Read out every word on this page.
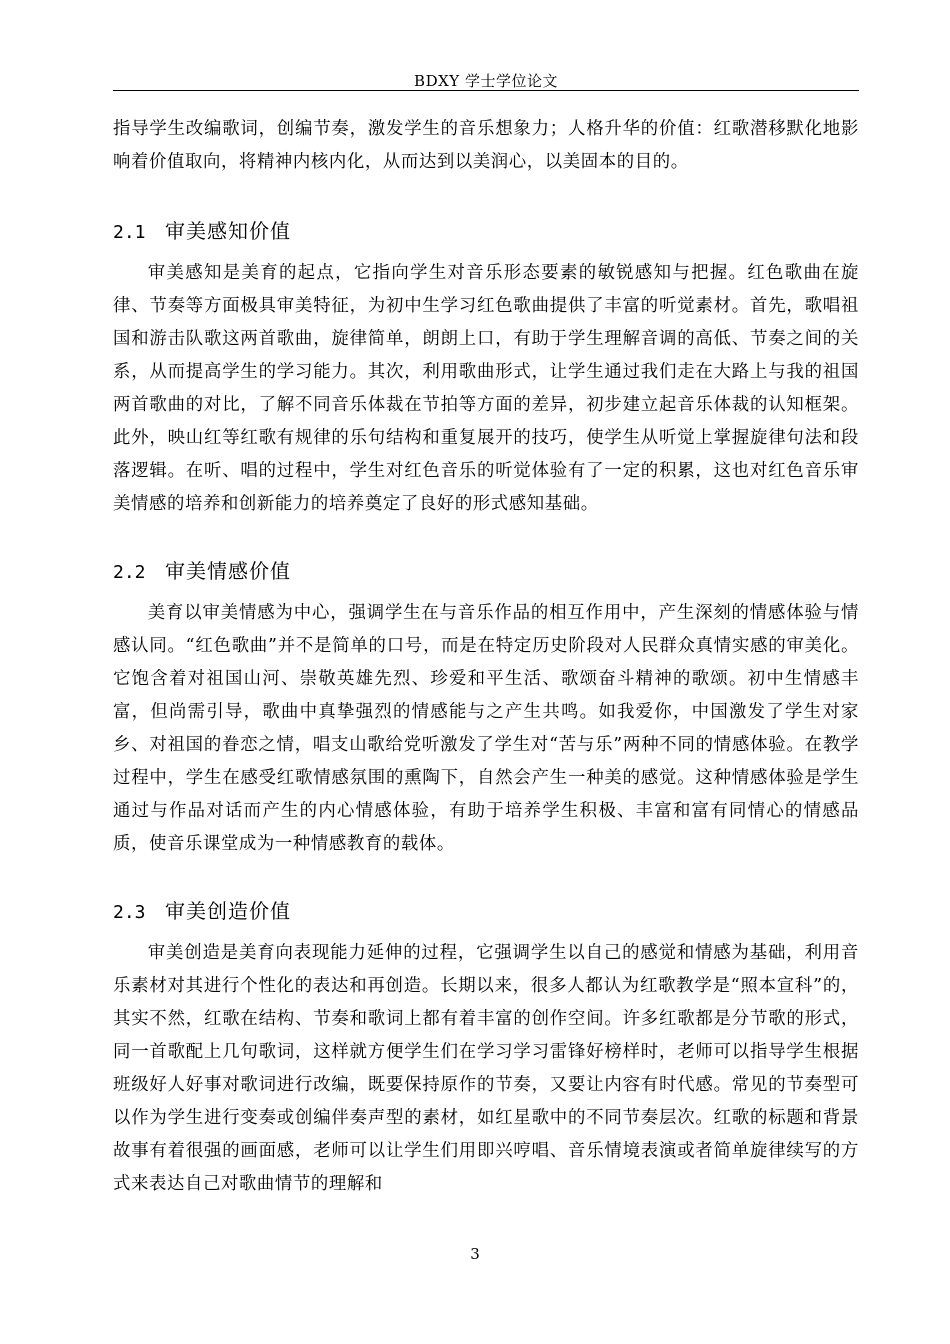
BDXY 学士学位论文

指导学生改编歌词，创编节奏，激发学生的音乐想象力；人格升华的价值：红歌潜移默化地影响着价值取向，将精神内核内化，从而达到以美润心，以美固本的目的。

2.1 审美感知价值

审美感知是美育的起点，它指向学生对音乐形态要素的敏锐感知与把握。红色歌曲在旋律、节奏等方面极具审美特征，为初中生学习红色歌曲提供了丰富的听觉素材。首先，歌唱祖国和游击队歌这两首歌曲，旋律简单，朗朗上口，有助于学生理解音调的高低、节奏之间的关系，从而提高学生的学习能力。其次，利用歌曲形式，让学生通过我们走在大路上与我的祖国两首歌曲的对比，了解不同音乐体裁在节拍等方面的差异，初步建立起音乐体裁的认知框架。此外，映山红等红歌有规律的乐句结构和重复展开的技巧，使学生从听觉上掌握旋律句法和段落逻辑。在听、唱的过程中，学生对红色音乐的听觉体验有了一定的积累，这也对红色音乐审美情感的培养和创新能力的培养奠定了良好的形式感知基础。

2.2 审美情感价值

美育以审美情感为中心，强调学生在与音乐作品的相互作用中，产生深刻的情感体验与情感认同。“红色歌曲”并不是简单的口号，而是在特定历史阶段对人民群众真情实感的审美化。它饱含着对祖国山河、崇敬英雄先烈、珍爱和平生活、歌颂奋斗精神的歌颂。初中生情感丰富，但尚需引导，歌曲中真挚强烈的情感能与之产生共鸣。如我爱你，中国激发了学生对家乡、对祖国的眷恋之情，唱支山歌给党听激发了学生对“苦与乐”两种不同的情感体验。在教学过程中，学生在感受红歌情感氛围的熏陶下，自然会产生一种美的感觉。这种情感体验是学生通过与作品对话而产生的内心情感体验，有助于培养学生积极、丰富和富有同情心的情感品质，使音乐课堂成为一种情感教育的载体。

2.3 审美创造价值

审美创造是美育向表现能力延伸的过程，它强调学生以自己的感觉和情感为基础，利用音乐素材对其进行个性化的表达和再创造。长期以来，很多人都认为红歌教学是“照本宣科”的，其实不然，红歌在结构、节奏和歌词上都有着丰富的创作空间。许多红歌都是分节歌的形式，同一首歌配上几句歌词，这样就方便学生们在学习学习雷锋好榜样时，老师可以指导学生根据班级好人好事对歌词进行改编，既要保持原作的节奏，又要让内容有时代感。常见的节奏型可以作为学生进行变奏或创编伴奏声型的素材，如红星歌中的不同节奏层次。红歌的标题和背景故事有着很强的画面感，老师可以让学生们用即兴哼唱、音乐情境表演或者简单旋律续写的方式来表达自己对歌曲情节的理解和

3
